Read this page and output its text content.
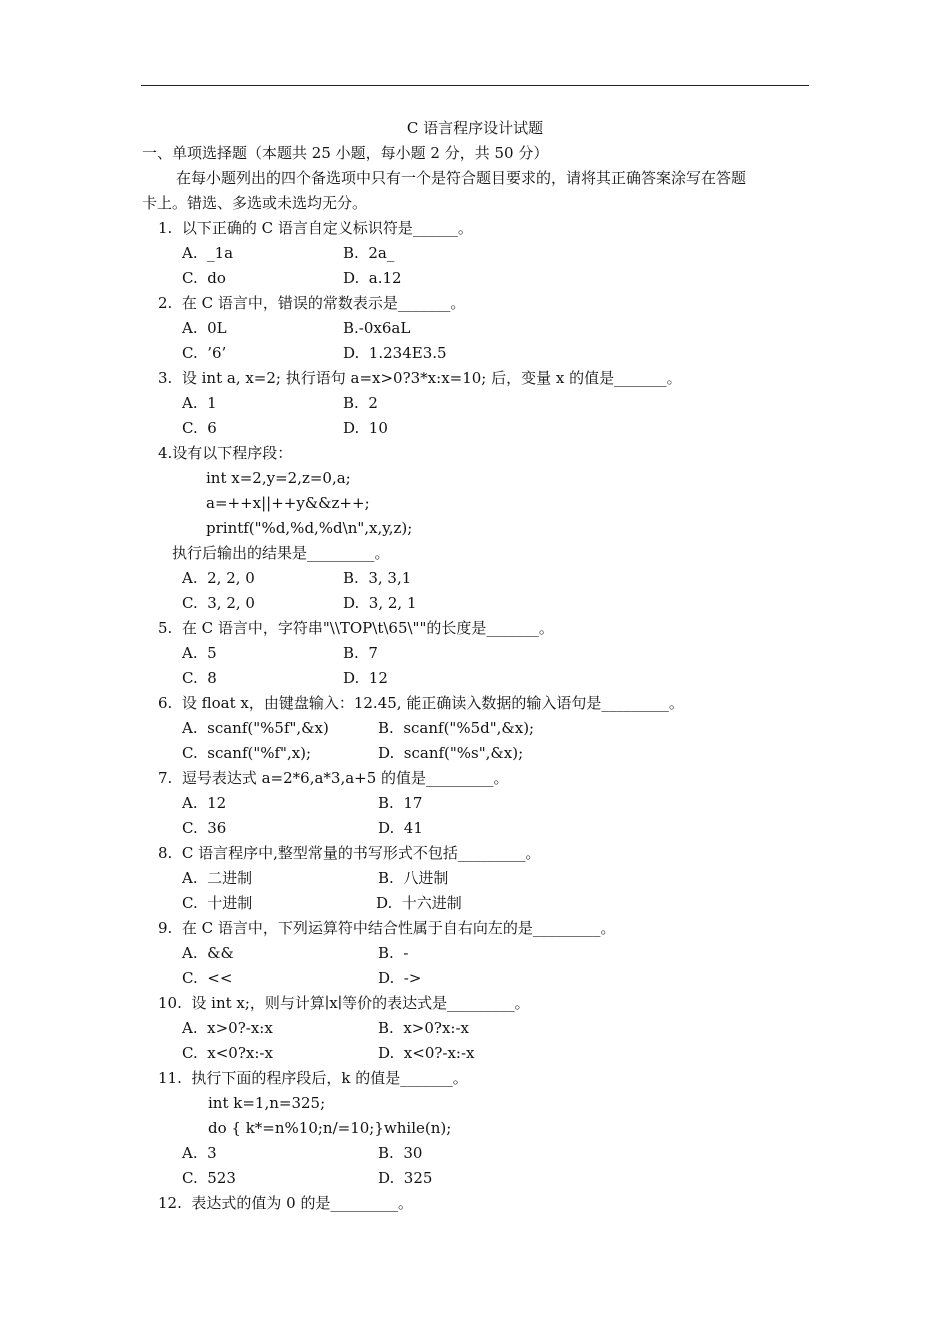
C 语言程序设计试题
一、单项选择题（本题共 25 小题，每小题 2 分，共 50 分）
在每小题列出的四个备选项中只有一个是符合题目要求的，请将其正确答案涂写在答题
卡上。错选、多选或未选均无分。
1.  以下正确的 C 语言自定义标识符是______。
A.  _1a	B.  2a_
C.  do	D.  a.12
2.  在 C 语言中，错误的常数表示是_______。
A.  0L	B.-0x6aL
C.  ’6’	D.  1.234E3.5
3.  设 int a, x=2; 执行语句 a=x>0?3*x:x=10; 后，变量 x 的值是_______。
A.  1	B.  2
C.  6	D.  10
4.设有以下程序段：
int x=2,y=2,z=0,a;
a=++x||++y&&z++;
printf("%d,%d,%d\n",x,y,z);
执行后输出的结果是_________。
A.  2, 2, 0	B.  3, 3,1
C.  3, 2, 0	D.  3, 2, 1
5.  在 C 语言中，字符串"\\TOP\t\65\""的长度是_______。
A.  5	B.  7
C.  8	D.  12
6.  设 float x，由键盘输入：12.45, 能正确读入数据的输入语句是_________。
A.  scanf("%5f",&x)	B.  scanf("%5d",&x);
C.  scanf("%f",x);	D.  scanf("%s",&x);
7.  逗号表达式 a=2*6,a*3,a+5 的值是_________。
A.  12	B.  17
C.  36	D.  41
8.  C 语言程序中,整型常量的书写形式不包括_________。
A.  二进制	B.  八进制
C.  十进制	D.  十六进制
9.  在 C 语言中，下列运算符中结合性属于自右向左的是_________。
A.  &&	B.  -
C.  <<	D.  ->
10.  设 int x;，则与计算∣x∣等价的表达式是_________。
A.  x>0?-x:x	B.  x>0?x:-x
C.  x<0?x:-x	D.  x<0?-x:-x
11.  执行下面的程序段后，k 的值是_______。
int k=1,n=325;
do { k*=n%10;n/=10;}while(n);
A.  3	B.  30
C.  523	D.  325
12.  表达式的值为 0 的是_________。
